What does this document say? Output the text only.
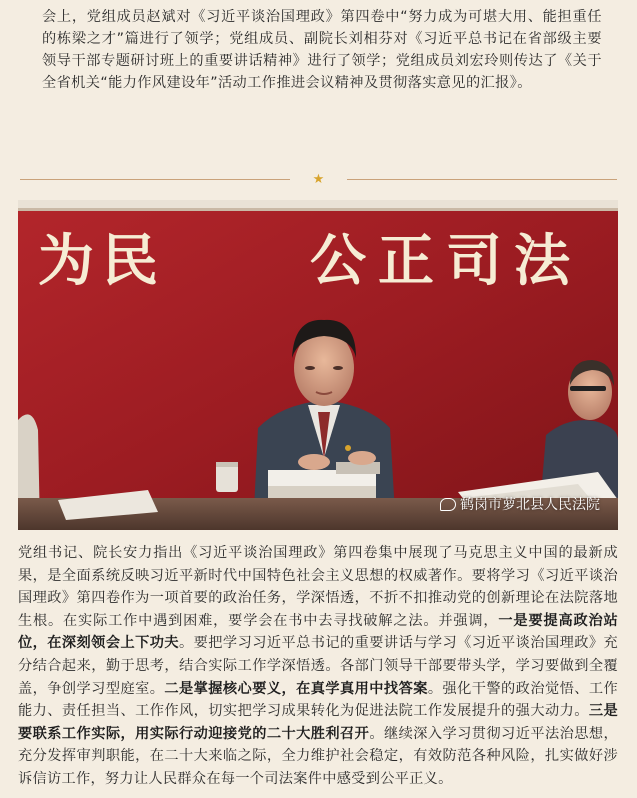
会上，党组成员赵斌对《习近平谈治国理政》第四卷中“努力成为可堪大用、能担重任的栋梁之才”篇进行了领学；党组成员、副院长刘相芬对《习近平总书记在省部级主要领导干部专题研讨班上的重要讲话精神》进行了领学；党组成员刘宏玲则传达了《关于全省机关“能力作风建设年”活动工作推进会议精神及贯彻落实意见的汇报》。

★
为民	公正司法
鹤岗市萝北县人民法院

党组书记、院长安力指出《习近平谈治国理政》第四卷集中展现了马克思主义中国的最新成果，是全面系统反映习近平新时代中国特色社会主义思想的权威著作。要将学习《习近平谈治国理政》第四卷作为一项首要的政治任务，学深悟透，不折不扣推动党的创新理论在法院落地生根。在实际工作中遇到困难，要学会在书中去寻找破解之法。并强调，一是要提高政治站位，在深刻领会上下功夫。要把学习习近平总书记的重要讲话与学习《习近平谈治国理政》充分结合起来，勤于思考，结合实际工作学深悟透。各部门领导干部要带头学，学习要做到全覆盖，争创学习型庭室。二是掌握核心要义，在真学真用中找答案。强化干警的政治觉悟、工作能力、责任担当、工作作风，切实把学习成果转化为促进法院工作发展提升的强大动力。三是要联系工作实际，用实际行动迎接党的二十大胜利召开。继续深入学习贯彻习近平法治思想，充分发挥审判职能，在二十大来临之际，全力维护社会稳定，有效防范各种风险，扎实做好涉诉信访工作，努力让人民群众在每一个司法案件中感受到公平正义。
